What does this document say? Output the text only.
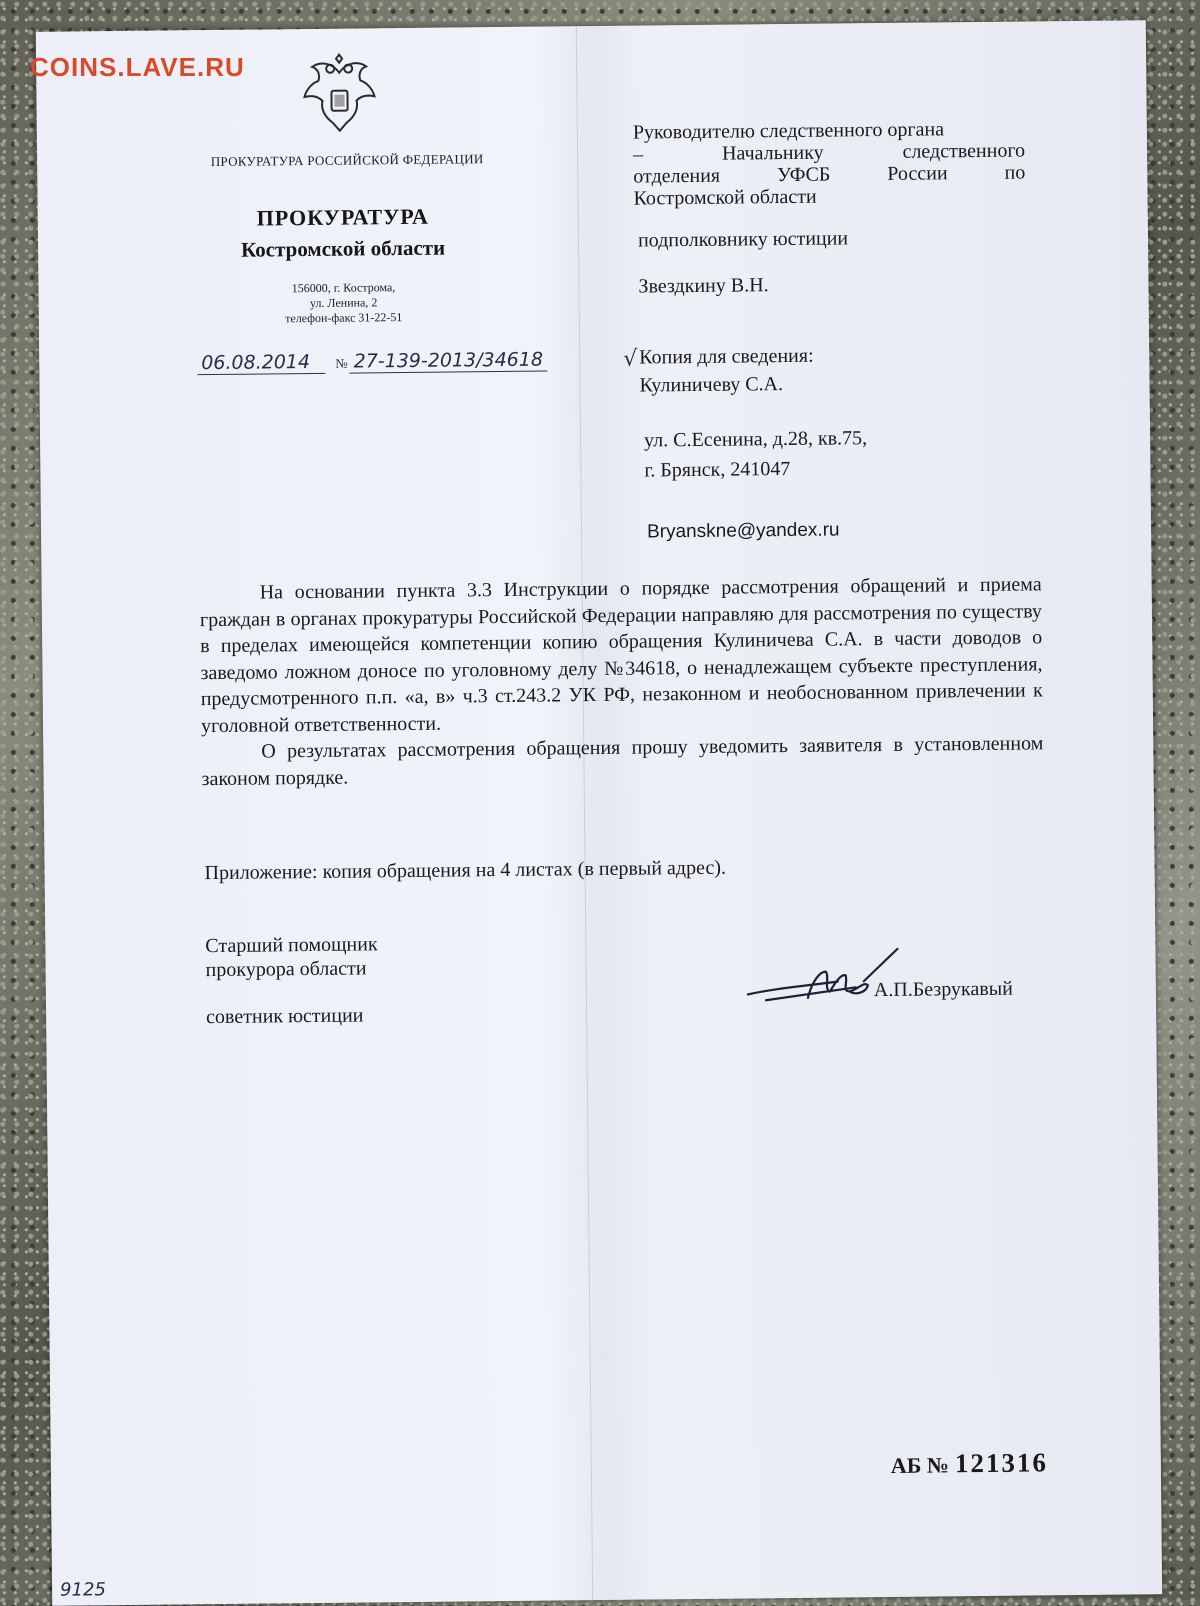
COINS.LAVE.RU
ПРОКУРАТУРА РОССИЙСКОЙ ФЕДЕРАЦИИ
ПРОКУРАТУРА
Костромской области
156000, г. Кострома,
ул. Ленина, 2
телефон-факс 31-22-51
06.08.2014 № 27-139-2013/34618
Руководителю следственного органа
– Начальнику следственного
отделения УФСБ России по
Костромской области
подполковнику юстиции
Звездкину В.Н.
√ Копия для сведения:
Кулиничеву С.А.
ул. С.Есенина, д.28, кв.75,
г. Брянск, 241047
Bryanskne@yandex.ru

На основании пункта 3.3 Инструкции о порядке рассмотрения обращений и приема граждан в органах прокуратуры Российской Федерации направляю для рассмотрения по существу в пределах имеющейся компетенции копию обращения Кулиничева С.А. в части доводов о заведомо ложном доносе по уголовному делу №34618, о ненадлежащем субъекте преступления, предусмотренного п.п. «а, в» ч.3 ст.243.2 УК РФ, незаконном и необоснованном привлечении к уголовной ответственности.

О результатах рассмотрения обращения прошу уведомить заявителя в установленном законом порядке.

Приложение: копия обращения на 4 листах (в первый адрес).
Старший помощник
прокурора области
советник юстиции
А.П.Безрукавый
АБ № 121316
9125
